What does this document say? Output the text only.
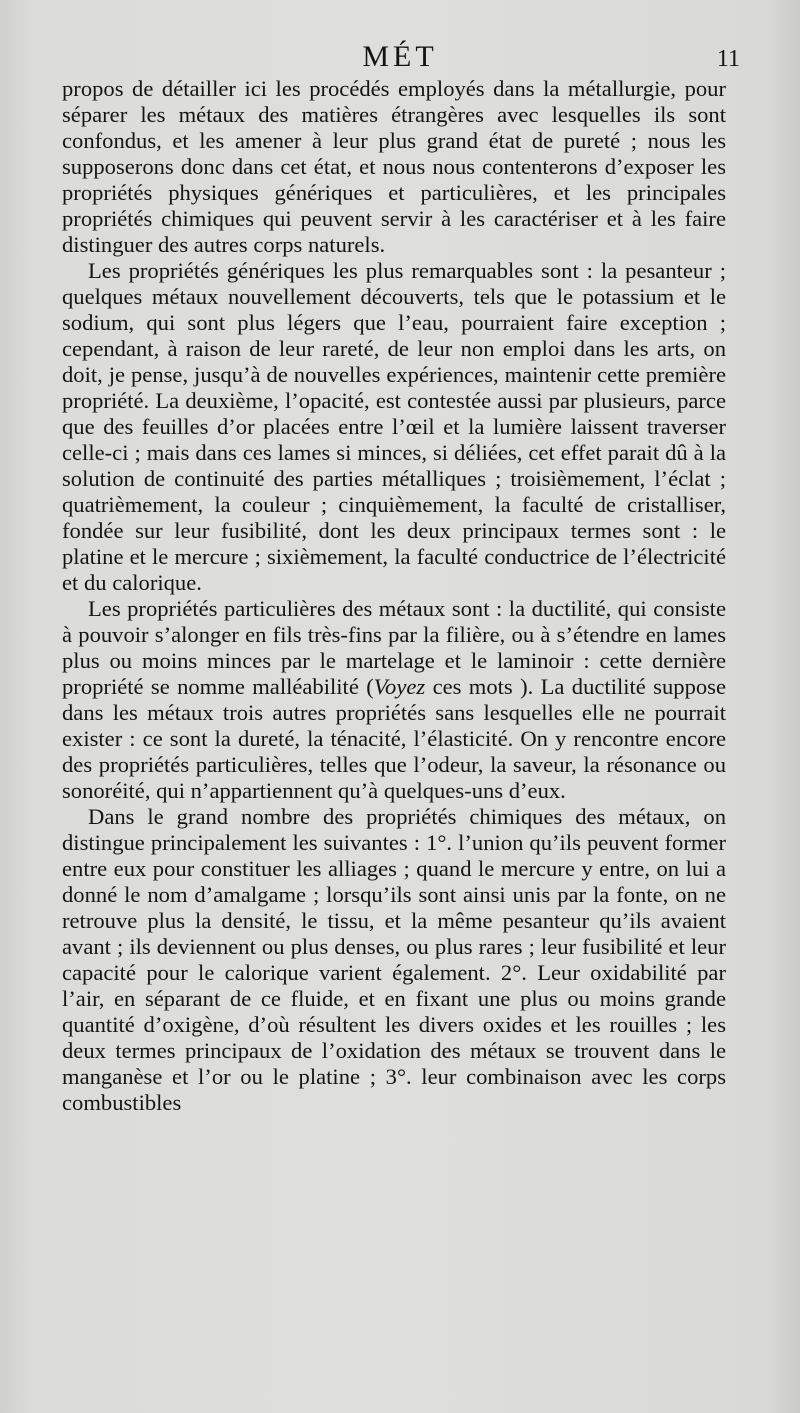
MÉT	11

propos de détailler ici les procédés employés dans la métallurgie, pour séparer les métaux des matières étrangères avec lesquelles ils sont confondus, et les amener à leur plus grand état de pureté ; nous les supposerons donc dans cet état, et nous nous contenterons d’exposer les propriétés physiques génériques et particulières, et les principales propriétés chimiques qui peuvent servir à les caractériser et à les faire distinguer des autres corps naturels.

Les propriétés génériques les plus remarquables sont : la pesanteur ; quelques métaux nouvellement découverts, tels que le potassium et le sodium, qui sont plus légers que l’eau, pourraient faire exception ; cependant, à raison de leur rareté, de leur non emploi dans les arts, on doit, je pense, jusqu’à de nouvelles expériences, maintenir cette première propriété. La deuxième, l’opacité, est contestée aussi par plusieurs, parce que des feuilles d’or placées entre l’œil et la lumière laissent traverser celle-ci ; mais dans ces lames si minces, si déliées, cet effet parait dû à la solution de continuité des parties métalliques ; troisièmement, l’éclat ; quatrièmement, la couleur ; cinquièmement, la faculté de cristalliser, fondée sur leur fusibilité, dont les deux principaux termes sont : le platine et le mercure ; sixièmement, la faculté conductrice de l’électricité et du calorique.

Les propriétés particulières des métaux sont : la ductilité, qui consiste à pouvoir s’alonger en fils très-fins par la filière, ou à s’étendre en lames plus ou moins minces par le martelage et le laminoir : cette dernière propriété se nomme malléabilité (Voyez ces mots ). La ductilité suppose dans les métaux trois autres propriétés sans lesquelles elle ne pourrait exister : ce sont la dureté, la ténacité, l’élasticité. On y rencontre encore des propriétés particulières, telles que l’odeur, la saveur, la résonance ou sonoréité, qui n’appartiennent qu’à quelques-uns d’eux.

Dans le grand nombre des propriétés chimiques des métaux, on distingue principalement les suivantes : 1°. l’union qu’ils peuvent former entre eux pour constituer les alliages ; quand le mercure y entre, on lui a donné le nom d’amalgame ; lorsqu’ils sont ainsi unis par la fonte, on ne retrouve plus la densité, le tissu, et la même pesanteur qu’ils avaient avant ; ils deviennent ou plus denses, ou plus rares ; leur fusibilité et leur capacité pour le calorique varient également. 2°. Leur oxidabilité par l’air, en séparant de ce fluide, et en fixant une plus ou moins grande quantité d’oxigène, d’où résultent les divers oxides et les rouilles ; les deux termes principaux de l’oxidation des métaux se trouvent dans le manganèse et l’or ou le platine ; 3°. leur combinaison avec les corps combustibles
